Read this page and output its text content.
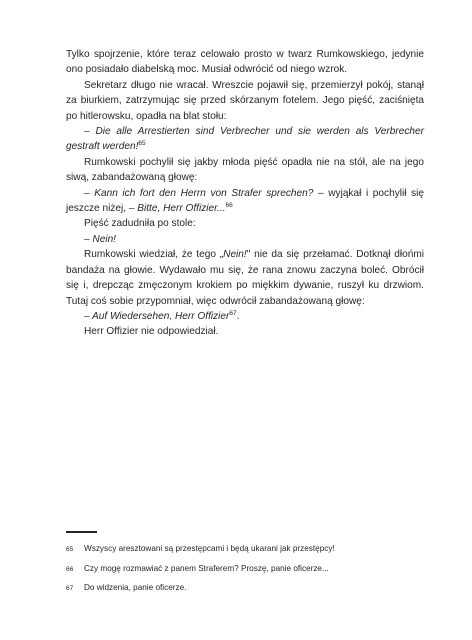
Tylko spojrzenie, które teraz celowało prosto w twarz Rumkowskiego, jedynie ono posiadało diabelską moc. Musiał odwrócić od niego wzrok.

Sekretarz długo nie wracał. Wreszcie pojawił się, przemierzył pokój, stanął za biurkiem, zatrzymując się przed skórzanym fotelem. Jego pięść, zaciśnięta po hitlerowsku, opadła na blat stołu:

– Die alle Arrestierten sind Verbrecher und sie werden als Verbrecher gestraft werden!$^{65}$

Rumkowski pochylił się jakby młoda pięść opadła nie na stół, ale na jego siwą, zabandażowaną głowę:

– Kann ich fort den Herrn von Strafer sprechen? – wyjąkał i pochylił się jeszcze niżej, – Bitte, Herr Offizier...$^{66}$

Pięść zadudniła po stole:

– Nein!

Rumkowski wiedział, że tego „Nein!" nie da się przełamać. Dotknął dłońmi bandaża na głowie. Wydawało mu się, że rana znowu zaczyna boleć. Obrócił się i, drepcząc zmęczonym krokiem po miękkim dywanie, ruszył ku drzwiom. Tutaj coś sobie przypomniał, więc odwrócił zabandażowaną głowę:

– Auf Wiedersehen, Herr Offizier$^{67}$.

Herr Offizier nie odpowiedział.

65	Wszyscy aresztowani są przestępcami i będą ukarani jak przestępcy!
66	Czy mogę rozmawiać z panem Straferem? Proszę, panie oficerze...
67	Do widzenia, panie oficerze.
